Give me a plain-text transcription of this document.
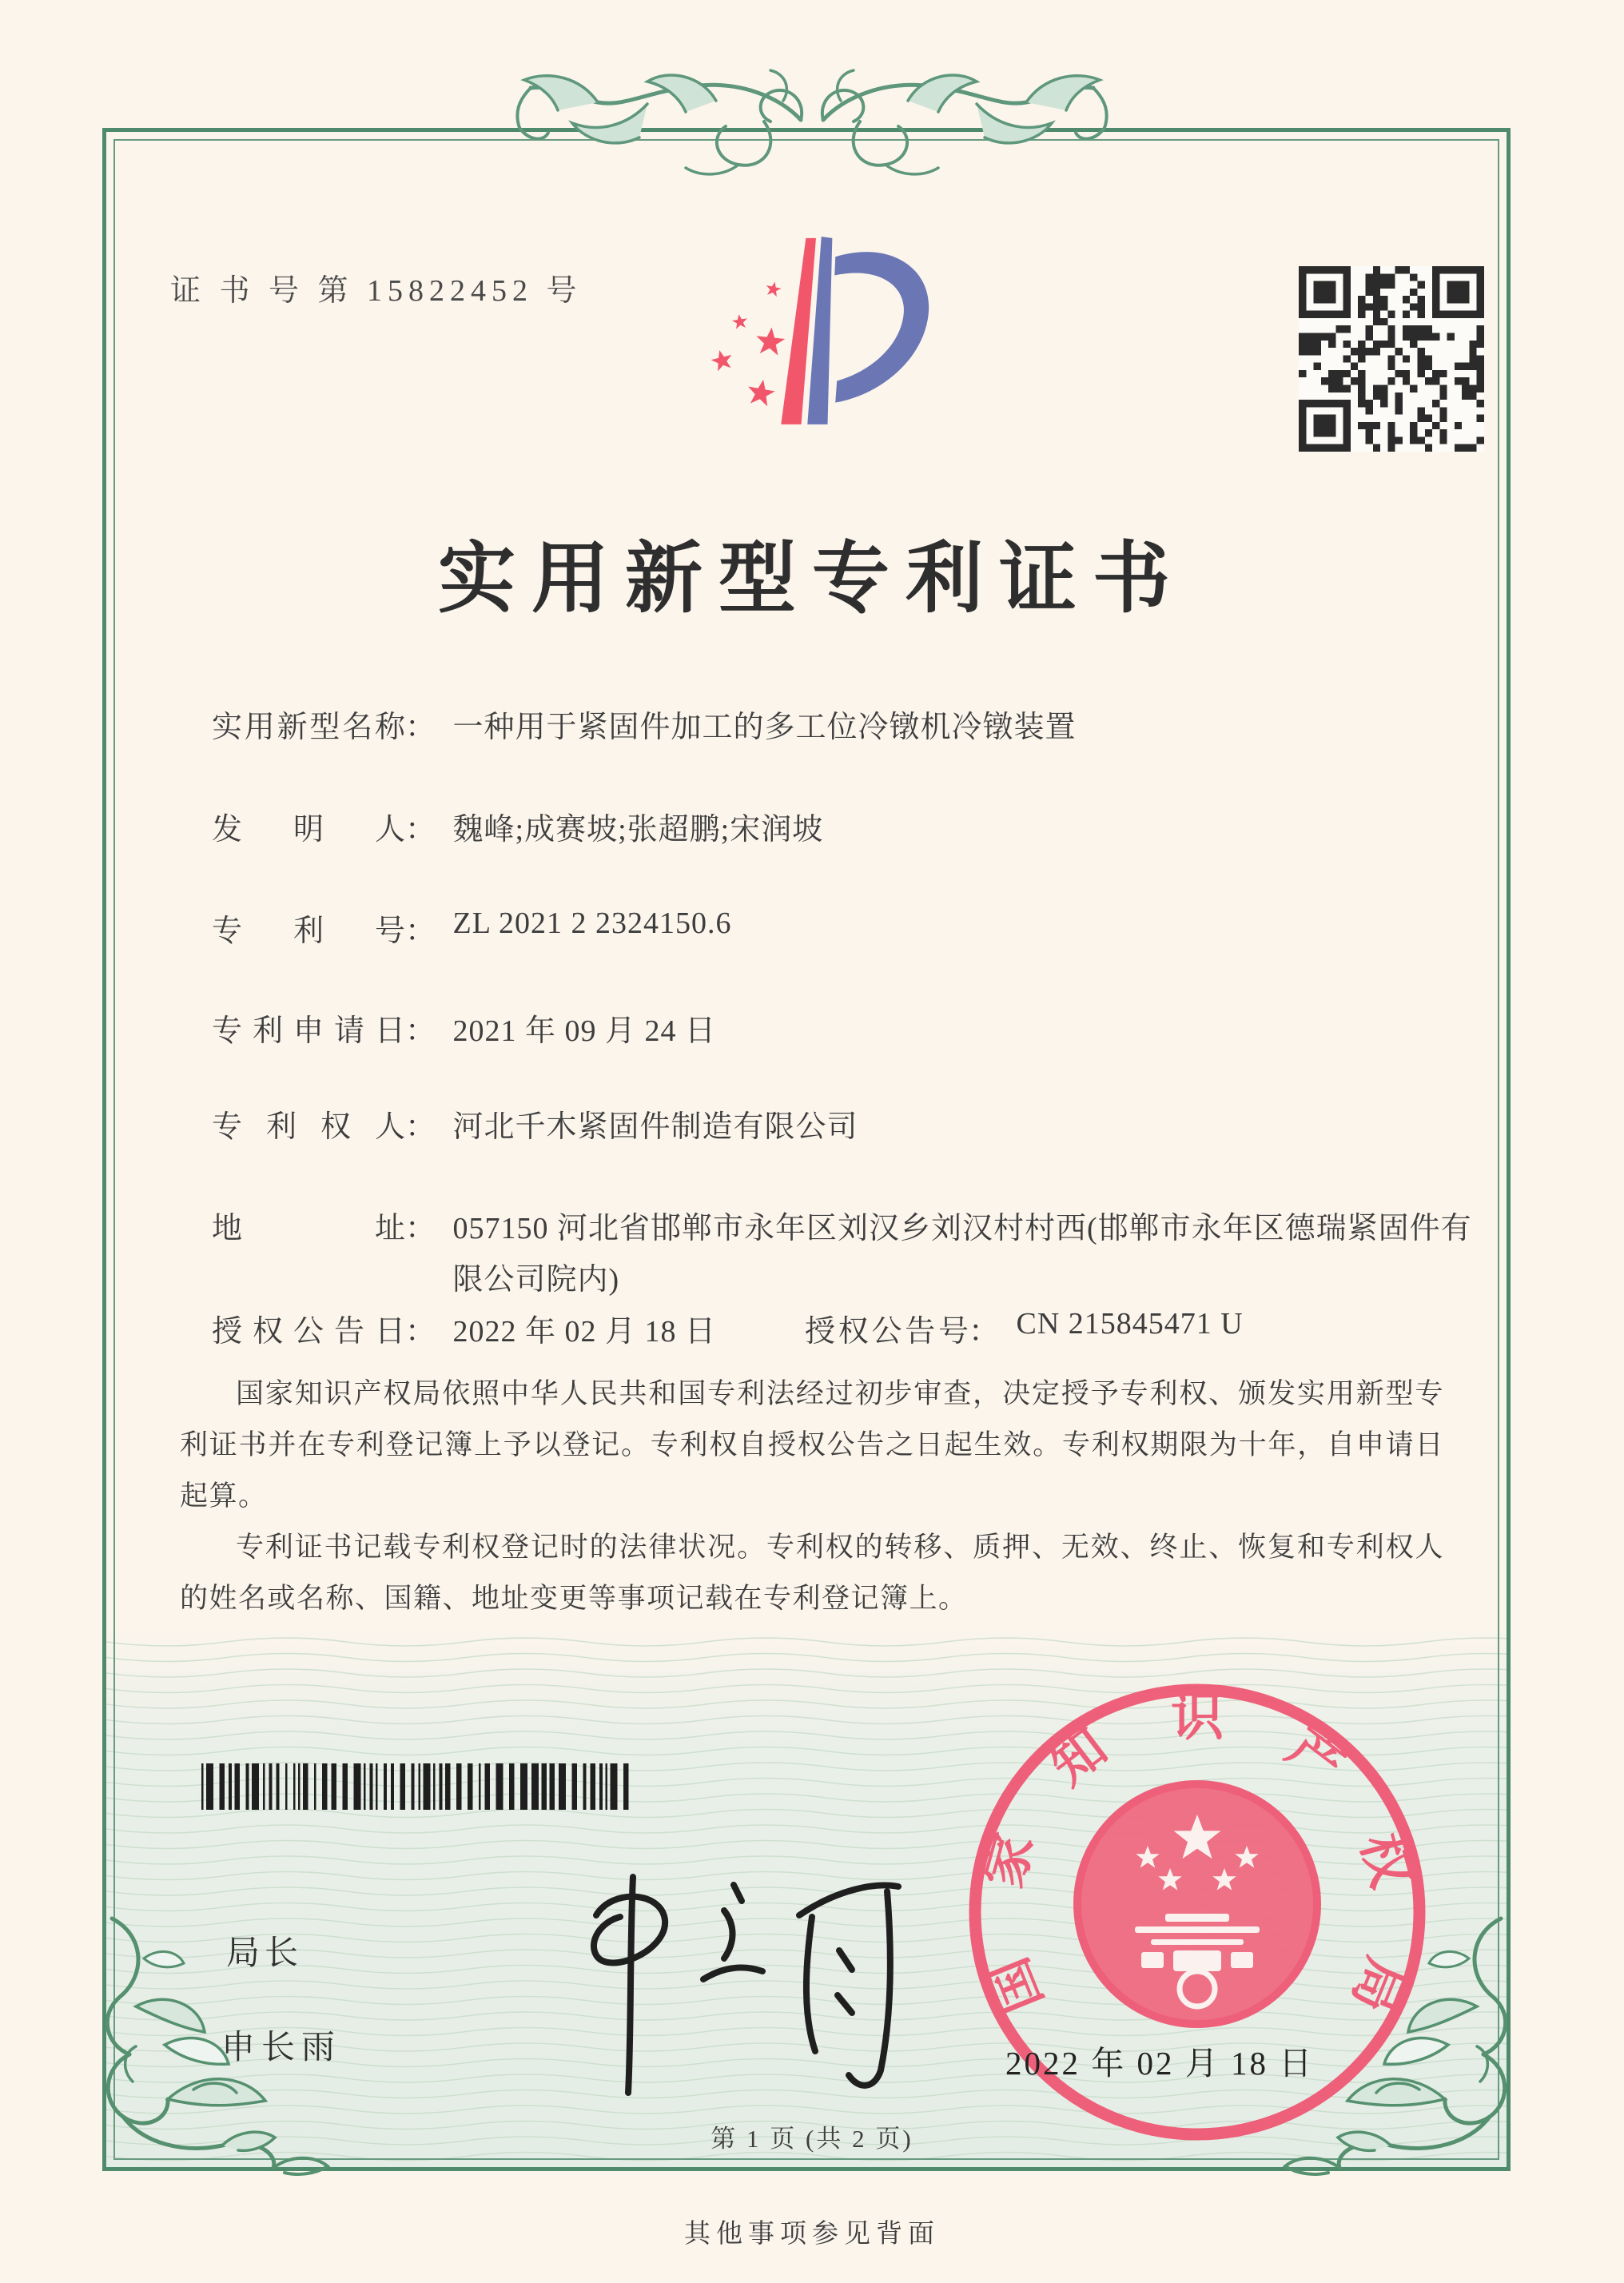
证 书 号 第 15822452 号
实用新型专利证书
实用新型名称： 一种用于紧固件加工的多工位冷镦机冷镦装置
发明人： 魏峰;成赛坡;张超鹏;宋润坡
专利号： ZL 2021 2 2324150.6
专利申请日： 2021 年 09 月 24 日
专利权人： 河北千木紧固件制造有限公司
地址： 057150 河北省邯郸市永年区刘汉乡刘汉村村西(邯郸市永年区德瑞紧固件有限公司院内)
授权公告日： 2022 年 02 月 18 日	授权公告号： CN 215845471 U

国家知识产权局依照中华人民共和国专利法经过初步审查，决定授予专利权、颁发实用新型专利证书并在专利登记簿上予以登记。专利权自授权公告之日起生效。专利权期限为十年，自申请日起算。

专利证书记载专利权登记时的法律状况。专利权的转移、质押、无效、终止、恢复和专利权人的姓名或名称、国籍、地址变更等事项记载在专利登记簿上。

局长
申长雨
国
家
知
识
产
权
局
2022 年 02 月 18 日
第 1 页 (共 2 页)
其他事项参见背面
